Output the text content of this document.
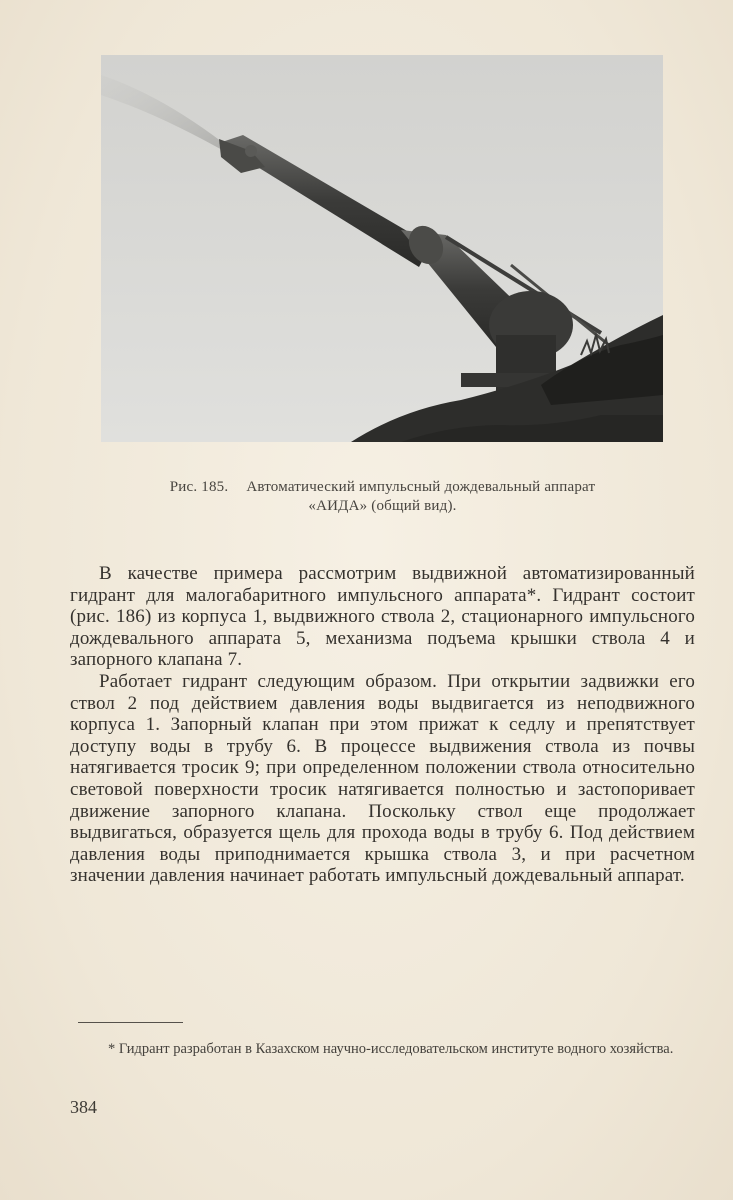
Рис. 185. Автоматический импульсный дождевальный аппарат
«АИДА» (общий вид).

В качестве примера рассмотрим выдвижной автоматизированный гидрант для малогабаритного импульсного аппарата*. Гидрант состоит (рис. 186) из корпуса 1, выдвижного ствола 2, стационарного импульсного дождевального аппарата 5, механизма подъема крышки ствола 4 и запорного клапана 7.

Работает гидрант следующим образом. При открытии задвижки его ствол 2 под действием давления воды выдвигается из неподвижного корпуса 1. Запорный клапан при этом прижат к седлу и препятствует доступу воды в трубу 6. В процессе выдвижения ствола из почвы натягивается тросик 9; при определенном положении ствола относительно световой поверхности тросик натягивается полностью и застопоривает движение запорного клапана. Поскольку ствол еще продолжает выдвигаться, образуется щель для прохода воды в трубу 6. Под действием давления воды приподнимается крышка ствола 3, и при расчетном значении давления начинает работать импульсный дождевальный аппарат.

* Гидрант разработан в Казахском научно-исследовательском институте водного хозяйства.
384
